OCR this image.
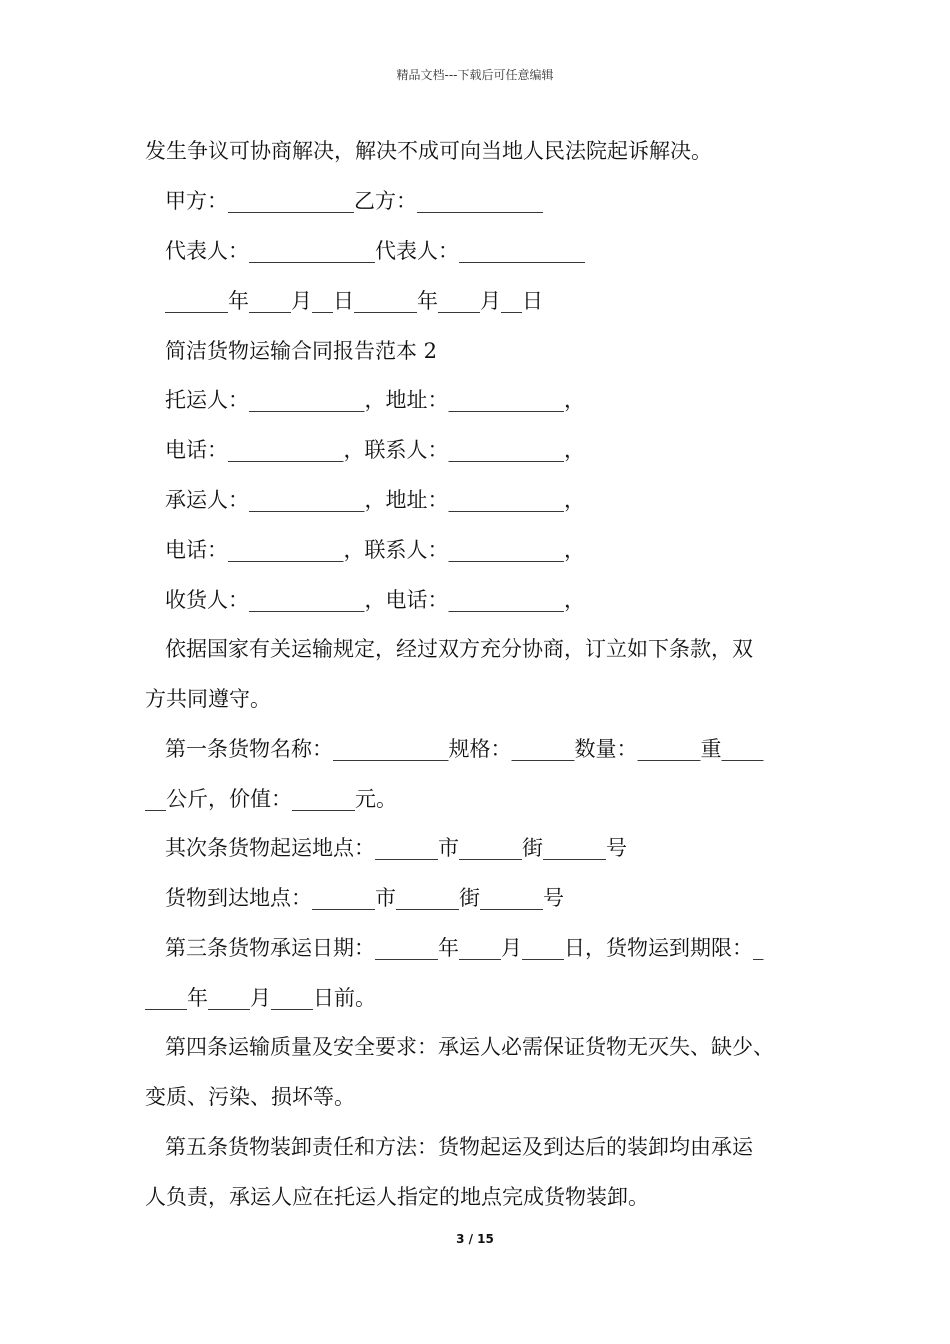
精品文档---下载后可任意编辑
发生争议可协商解决，解决不成可向当地人民法院起诉解决。
甲方：____________乙方：____________
代表人：____________代表人：____________
______年____月__日______年____月__日
简洁货物运输合同报告范本 2
托运人：___________，地址：___________，
电话：___________，联系人：___________，
承运人：___________，地址：___________，
电话：___________，联系人：___________，
收货人：___________，电话：___________，
依据国家有关运输规定，经过双方充分协商，订立如下条款，双
方共同遵守。
第一条货物名称：___________规格：______数量：______重____
__公斤，价值：______元。
其次条货物起运地点：______市______街______号
货物到达地点：______市______街______号
第三条货物承运日期：______年____月____日，货物运到期限：_
____年____月____日前。
第四条运输质量及安全要求：承运人必需保证货物无灭失、缺少、
变质、污染、损坏等。
第五条货物装卸责任和方法：货物起运及到达后的装卸均由承运
人负责，承运人应在托运人指定的地点完成货物装卸。
3 / 15
